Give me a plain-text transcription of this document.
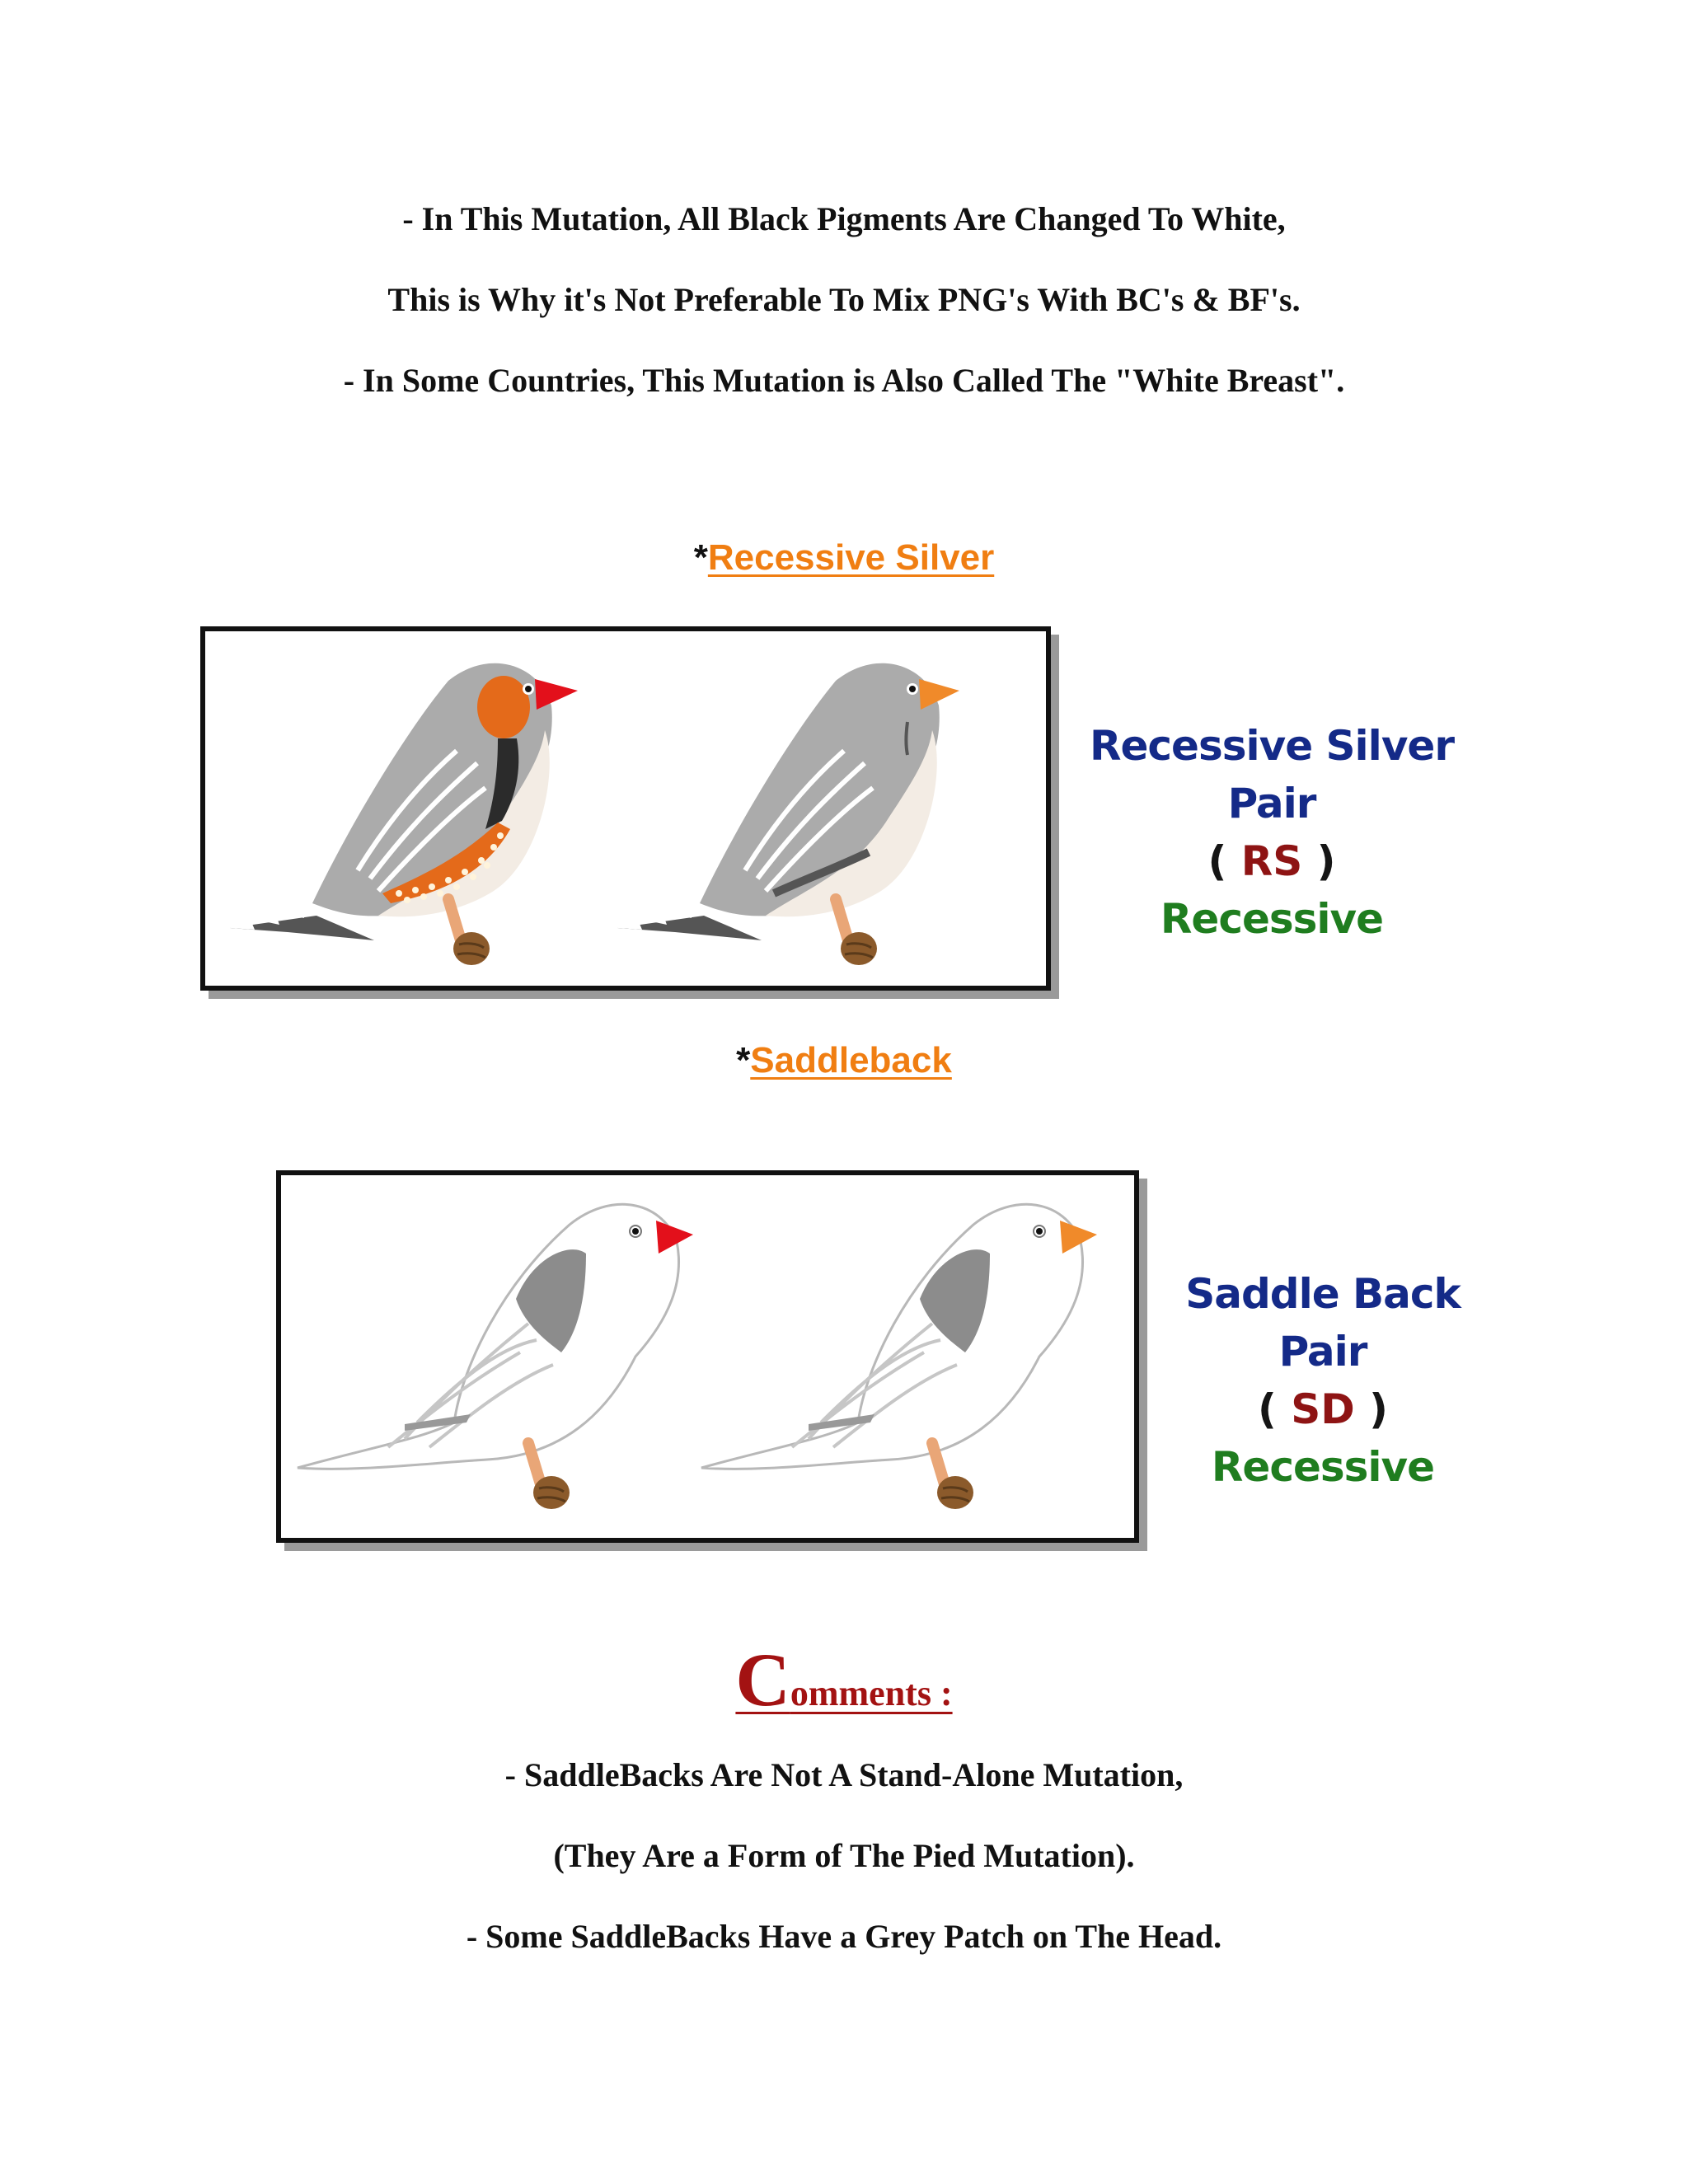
- In This Mutation, All Black Pigments Are Changed To White,

This is Why it's Not Preferable To Mix PNG's With BC's & BF's.

- In Some Countries, This Mutation is Also Called The "White Breast".

*Recessive Silver
Recessive Silver Pair
( RS )
Recessive
*Saddleback
Saddle Back Pair
( SD )
Recessive
Comments :

- SaddleBacks Are Not A Stand-Alone Mutation,

(They Are a Form of The Pied Mutation).

- Some SaddleBacks Have a Grey Patch on The Head.
